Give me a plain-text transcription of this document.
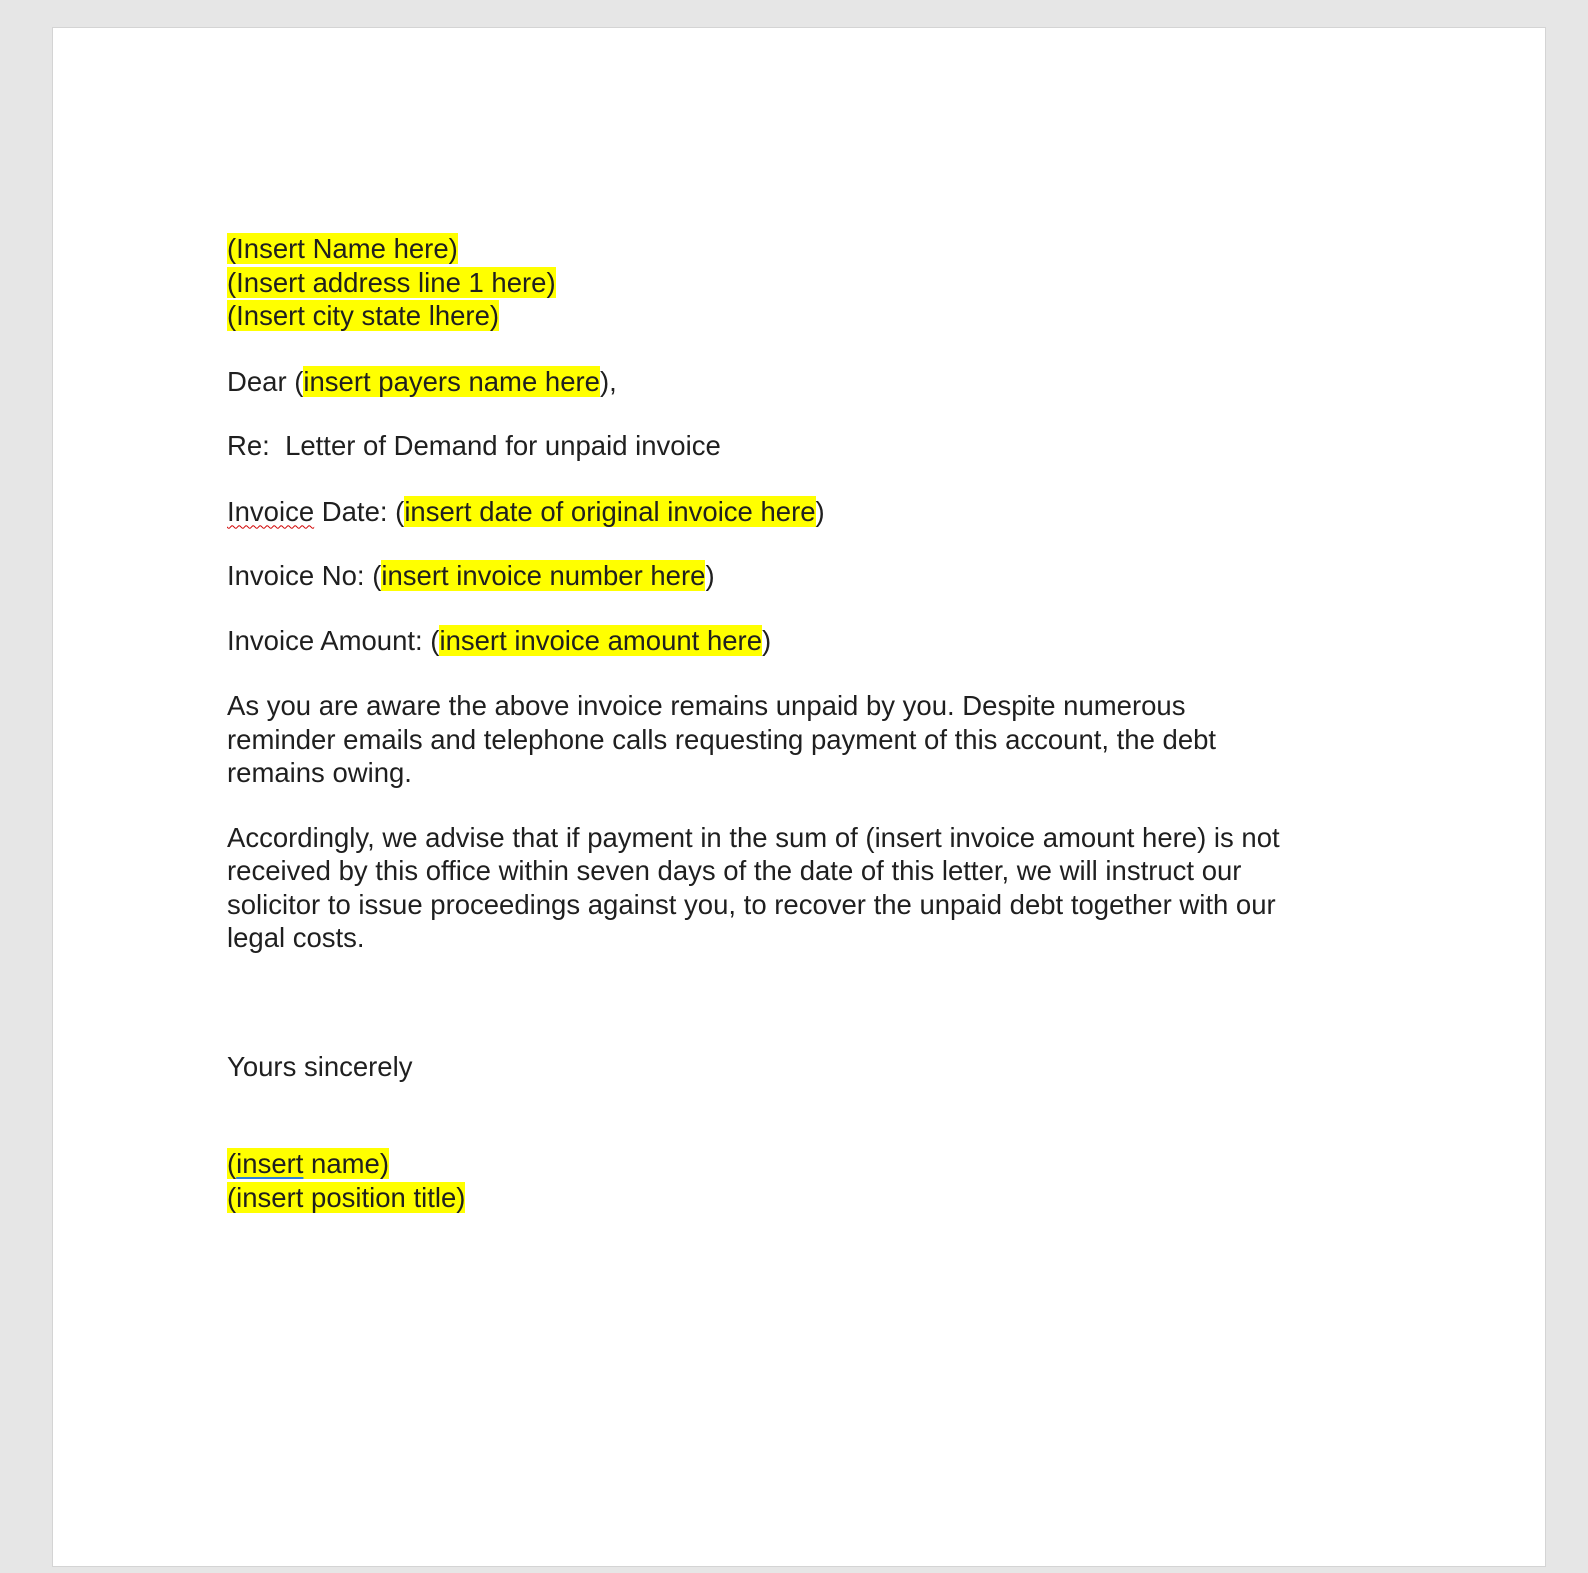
(Insert Name here)
(Insert address line 1 here)
(Insert city state lhere)
Dear (insert payers name here),
Re:  Letter of Demand for unpaid invoice
Invoice Date: (insert date of original invoice here)
Invoice No: (insert invoice number here)
Invoice Amount: (insert invoice amount here)
As you are aware the above invoice remains unpaid by you. Despite numerous
reminder emails and telephone calls requesting payment of this account, the debt
remains owing.
Accordingly, we advise that if payment in the sum of (insert invoice amount here) is not
received by this office within seven days of the date of this letter, we will instruct our
solicitor to issue proceedings against you, to recover the unpaid debt together with our
legal costs.
Yours sincerely
(insert name)
(insert position title)
